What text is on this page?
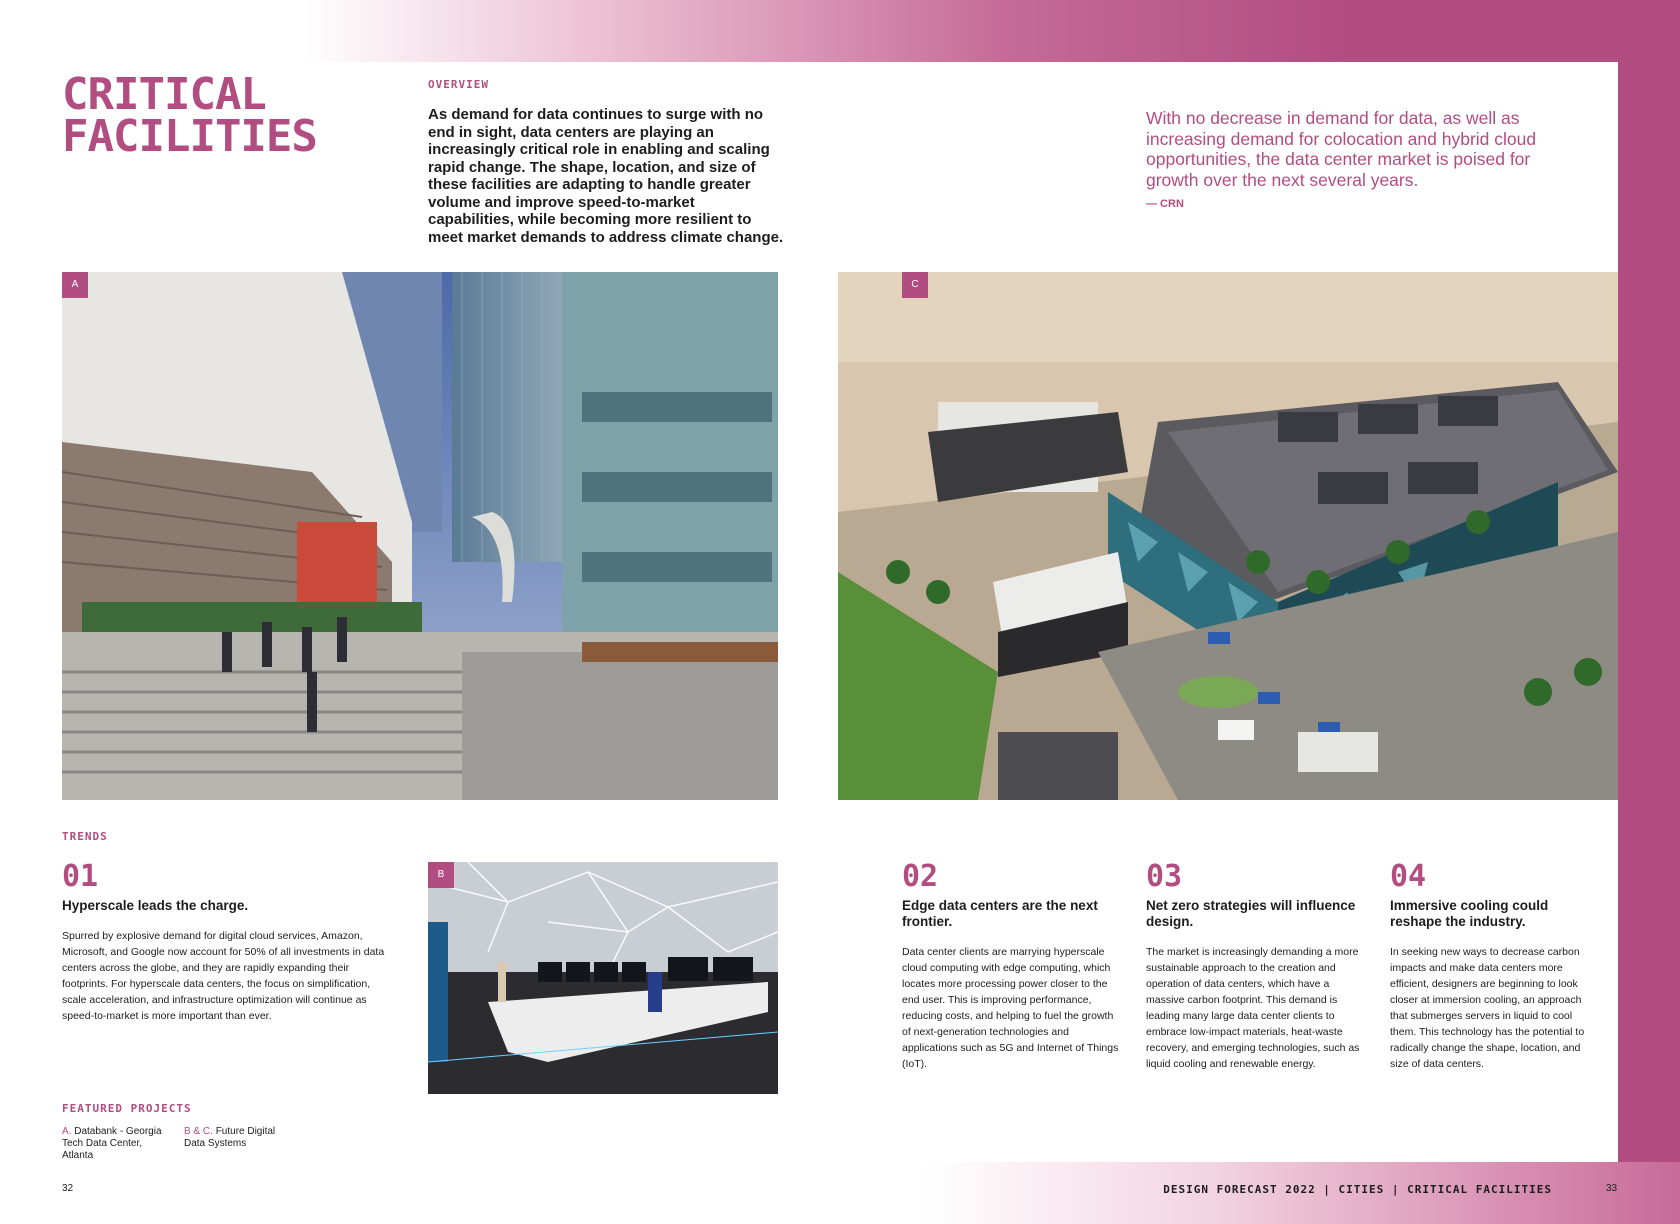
CRITICAL
FACILITIES
OVERVIEW

As demand for data continues to surge with no end in sight, data centers are playing an increasingly critical role in enabling and scaling rapid change. The shape, location, and size of these facilities are adapting to handle greater volume and improve speed-to-market capabilities, while becoming more resilient to meet market demands to address climate change.

With no decrease in demand for data, as well as increasing demand for colocation and hybrid cloud opportunities, the data center market is poised for growth over the next several years.

— CRN
A	C
B
TRENDS

01

Hyperscale leads the charge.

Spurred by explosive demand for digital cloud services, Amazon, Microsoft, and Google now account for 50% of all investments in data centers across the globe, and they are rapidly expanding their footprints. For hyperscale data centers, the focus on simplification, scale acceleration, and infrastructure optimization will continue as speed-to-market is more important than ever.

02

Edge data centers are the next frontier.

Data center clients are marrying hyperscale cloud computing with edge computing, which locates more processing power closer to the end user. This is improving performance, reducing costs, and helping to fuel the growth of next-generation technologies and applications such as 5G and Internet of Things (IoT).

03

Net zero strategies will influence design.

The market is increasingly demanding a more sustainable approach to the creation and operation of data centers, which have a massive carbon footprint. This demand is leading many large data center clients to embrace low-impact materials, heat-waste recovery, and emerging technologies, such as liquid cooling and renewable energy.

04

Immersive cooling could reshape the industry.

In seeking new ways to decrease carbon impacts and make data centers more efficient, designers are beginning to look closer at immersion cooling, an approach that submerges servers in liquid to cool them. This technology has the potential to radically change the shape, location, and size of data centers.

FEATURED PROJECTS

A. Databank - Georgia Tech Data Center, Atlanta

B & C. Future Digital Data Systems

32	DESIGN FORECAST 2022 | CITIES | CRITICAL FACILITIES	33
